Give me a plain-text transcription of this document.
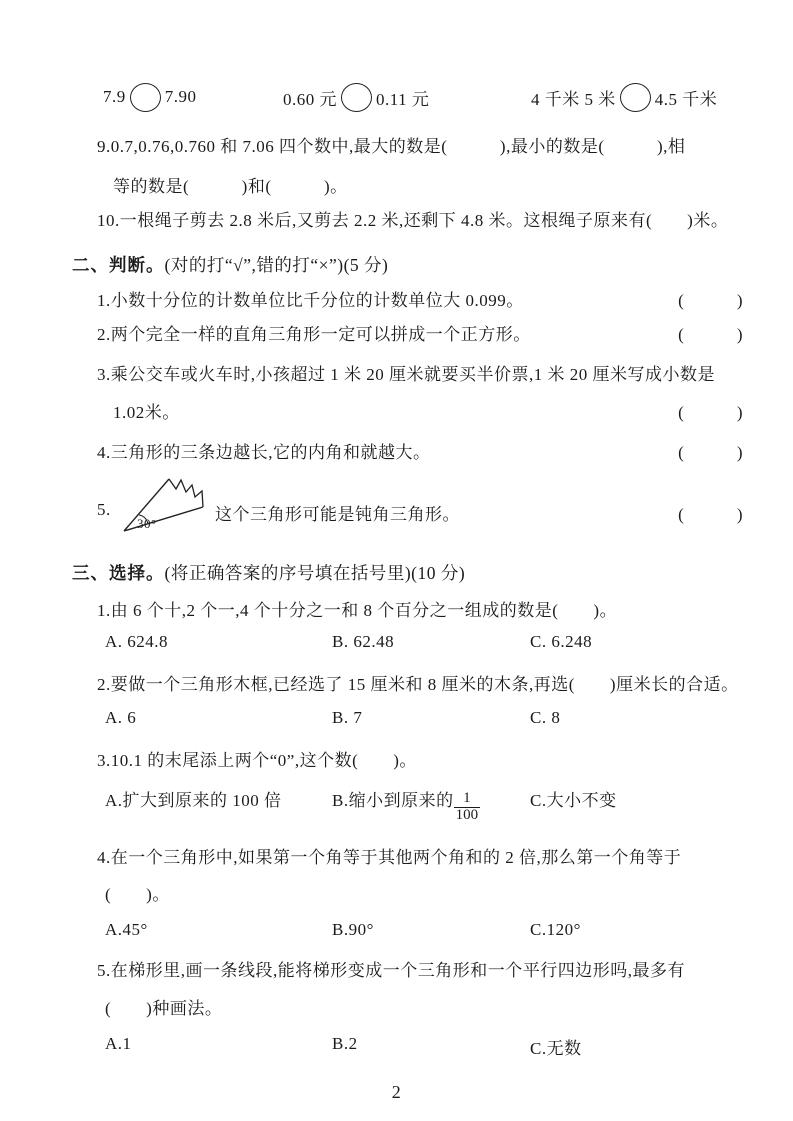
7.9 7.90	0.60 元 0.11 元	4 千米 5 米 4.5 千米
9.0.7,0.76,0.760 和 7.06 四个数中,最大的数是(　　　),最小的数是(　　　),相
等的数是(　　　)和(　　　)。
10.一根绳子剪去 2.8 米后,又剪去 2.2 米,还剩下 4.8 米。这根绳子原来有(　　)米。
二、判断。(对的打“√”,错的打“×”)(5 分)
1.小数十分位的计数单位比千分位的计数单位大 0.099。	(　　　)
2.两个完全一样的直角三角形一定可以拼成一个正方形。	(　　　)
3.乘公交车或火车时,小孩超过 1 米 20 厘米就要买半价票,1 米 20 厘米写成小数是
1.02米。	(　　　)
4.三角形的三条边越长,它的内角和就越大。	(　　　)
5.
30°	这个三角形可能是钝角三角形。	(　　　)
三、选择。(将正确答案的序号填在括号里)(10 分)
1.由 6 个十,2 个一,4 个十分之一和 8 个百分之一组成的数是(　　)。
A. 624.8	B. 62.48	C. 6.248
2.要做一个三角形木框,已经选了 15 厘米和 8 厘米的木条,再选(　　)厘米长的合适。
A. 6	B. 7	C. 8
3.10.1 的末尾添上两个“0”,这个数(　　)。
A.扩大到原来的 100 倍	B.缩小到原来的 $\frac{1}{100}$	C.大小不变
4.在一个三角形中,如果第一个角等于其他两个角和的 2 倍,那么第一个角等于
(　　)。
A.45°	B.90°	C.120°
5.在梯形里,画一条线段,能将梯形变成一个三角形和一个平行四边形吗,最多有
(　　)种画法。
A.1	B.2	C.无数
2
